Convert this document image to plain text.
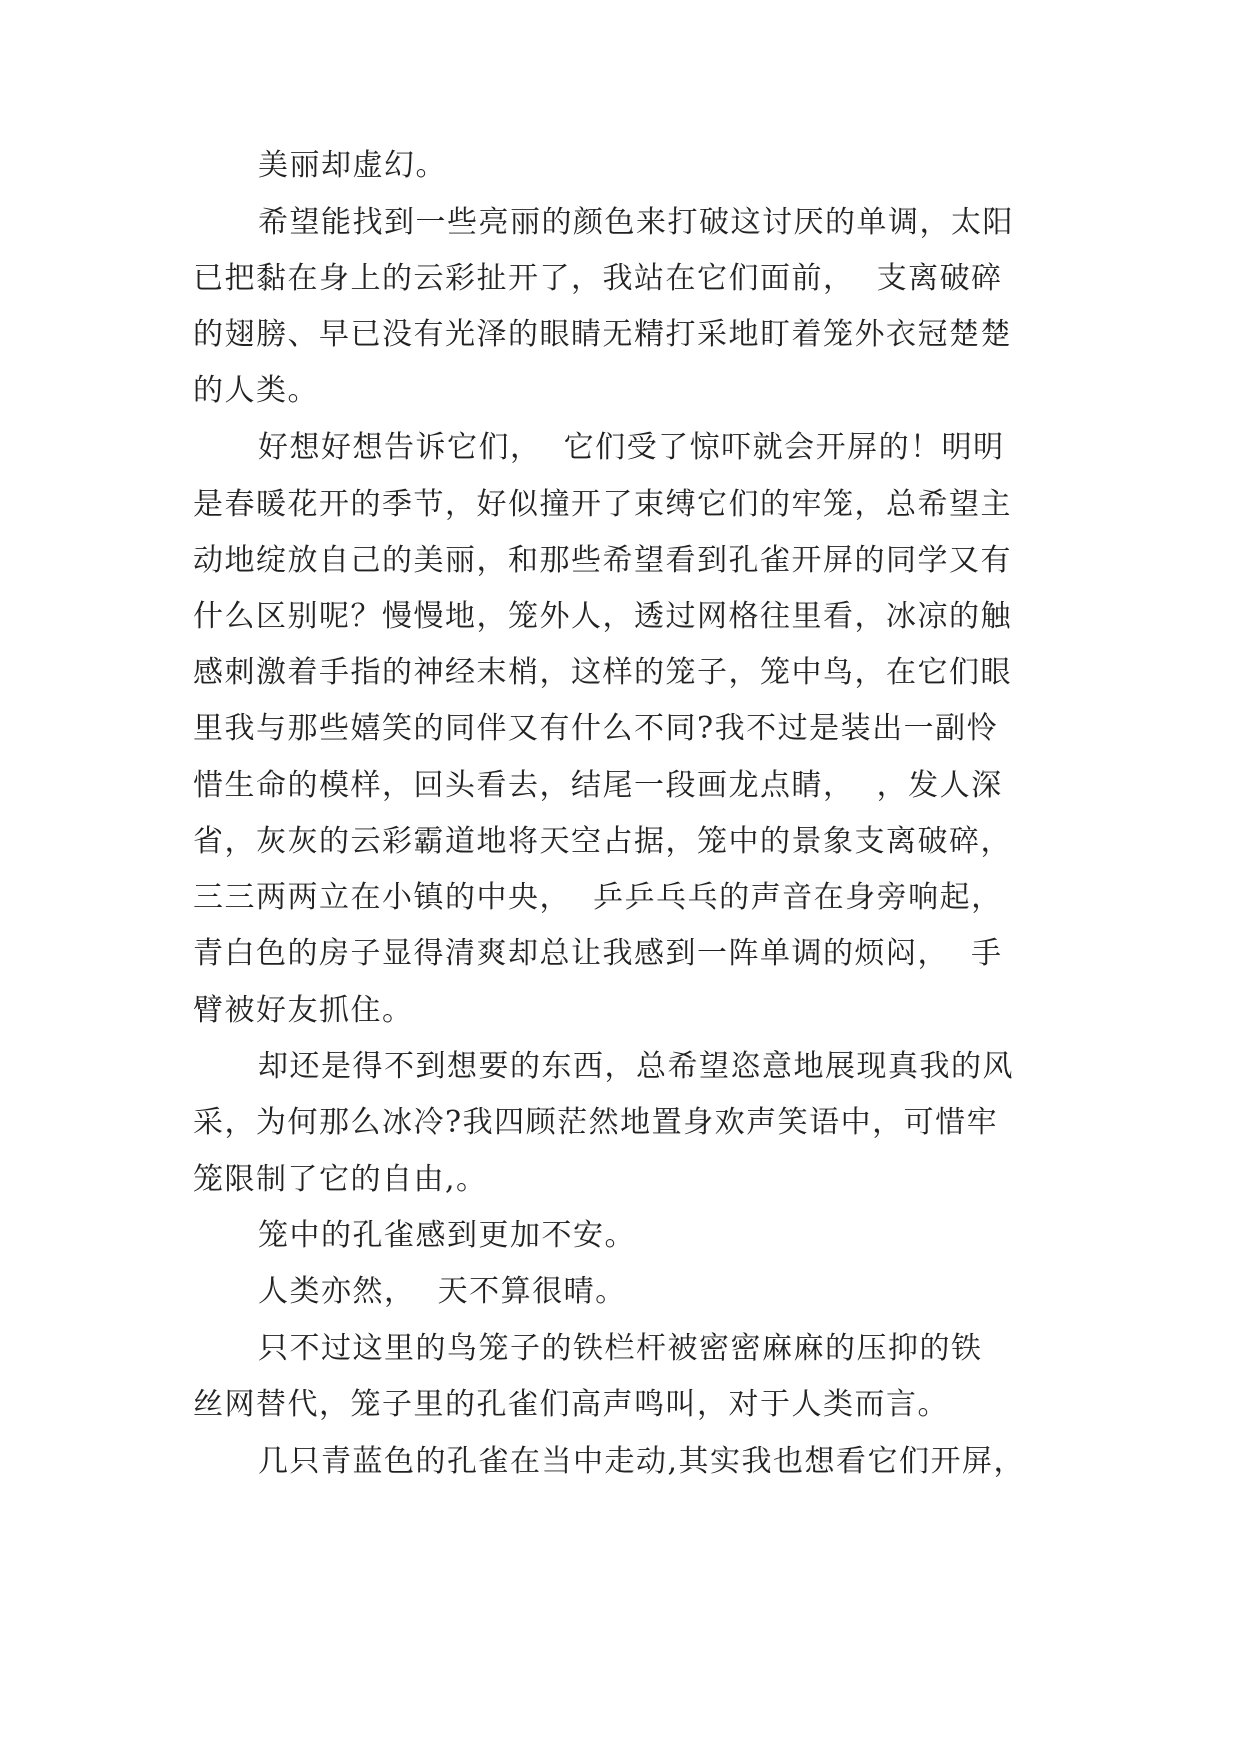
美丽却虚幻。

希望能找到一些亮丽的颜色来打破这讨厌的单调，太阳

已把黏在身上的云彩扯开了，我站在它们面前，  支离破碎

的翅膀、早已没有光泽的眼睛无精打采地盯着笼外衣冠楚楚

的人类。

好想好想告诉它们，  它们受了惊吓就会开屏的！明明

是春暖花开的季节，好似撞开了束缚它们的牢笼，总希望主

动地绽放自己的美丽，和那些希望看到孔雀开屏的同学又有

什么区别呢？慢慢地，笼外人，透过网格往里看，冰凉的触

感刺激着手指的神经末梢，这样的笼子，笼中鸟，在它们眼

里我与那些嬉笑的同伴又有什么不同?我不过是装出一副怜

惜生命的模样，回头看去，结尾一段画龙点睛，  ，发人深

省，灰灰的云彩霸道地将天空占据，笼中的景象支离破碎，

三三两两立在小镇的中央，  乒乒乓乓的声音在身旁响起，

青白色的房子显得清爽却总让我感到一阵单调的烦闷，  手

臂被好友抓住。

却还是得不到想要的东西，总希望恣意地展现真我的风

采，为何那么冰冷?我四顾茫然地置身欢声笑语中，可惜牢

笼限制了它的自由,。

笼中的孔雀感到更加不安。

人类亦然，  天不算很晴。

只不过这里的鸟笼子的铁栏杆被密密麻麻的压抑的铁

丝网替代，笼子里的孔雀们高声鸣叫，对于人类而言。

几只青蓝色的孔雀在当中走动,其实我也想看它们开屏，
